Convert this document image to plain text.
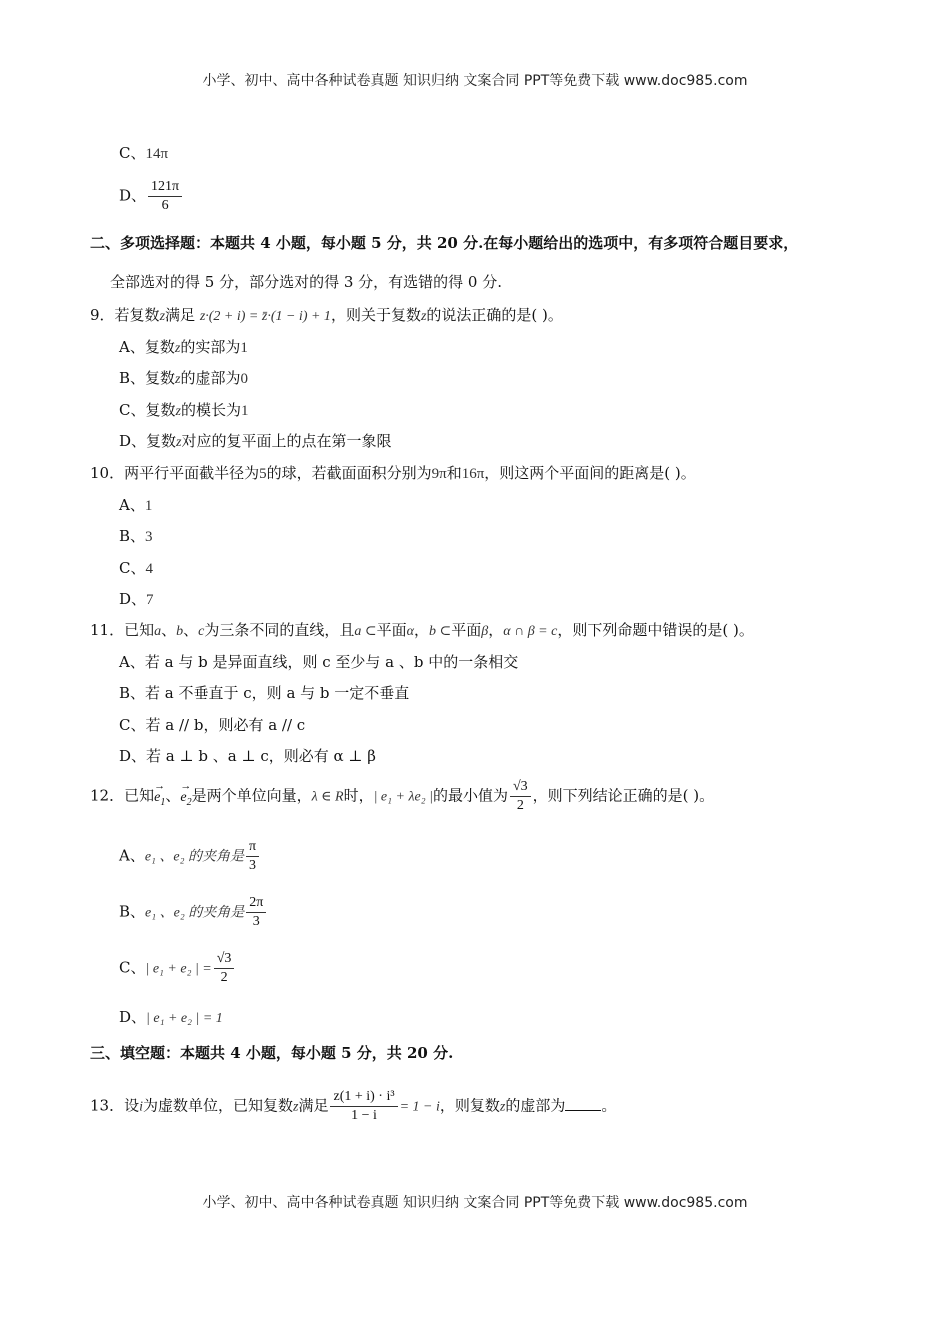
小学、初中、高中各种试卷真题 知识归纳 文案合同 PPT等免费下载 www.doc985.com
C、14π
D、 $\frac{121\pi}{6}$
二、多项选择题：本题共 4 小题，每小题 5 分，共 20 分.在每小题给出的选项中，有多项符合题目要求，
全部选对的得 5 分，部分选对的得 3 分，有选错的得 0 分.
9．若复数z满足 z·(2 + i) = z̄·(1 − i) + 1，则关于复数z的说法正确的是( )。
A、复数z的实部为1
B、复数z的虚部为0
C、复数z的模长为1
D、复数z对应的复平面上的点在第一象限
10．两平行平面截半径为5的球，若截面面积分别为9π和16π，则这两个平面间的距离是( )。
A、1
B、3
C、4
D、7
11．已知a、b、c为三条不同的直线，且a ⊂平面α，b ⊂平面β，α ∩ β = c，则下列命题中错误的是( )。
A、若 a 与 b 是异面直线，则 c 至少与 a 、b 中的一条相交
B、若 a 不垂直于 c，则 a 与 b 一定不垂直
C、若 a // b，则必有 a // c
D、若 a ⊥ b 、a ⊥ c，则必有 α ⊥ β
12．已知→ $e_1$、→ $e_2$是两个单位向量，λ ∈ R时，| e₁ + λe₂ |的最小值为 $\frac{√3}{2}$ ，则下列结论正确的是( )。
A、e₁ 、e₂ 的夹角是 $\frac{\pi}{3}$
B、e₁ 、e₂ 的夹角是 $\frac{2\pi}{3}$
C、| e₁ + e₂ | = $\frac{√3}{2}$
D、| e₁ + e₂ | = 1
三、填空题：本题共 4 小题，每小题 5 分，共 20 分.
13．设i为虚数单位，已知复数z满足 $\frac{\text{z(1 + i) · i³}}{1 - i} = 1 - i$，则复数z的虚部为 。
小学、初中、高中各种试卷真题 知识归纳 文案合同 PPT等免费下载 www.doc985.com
